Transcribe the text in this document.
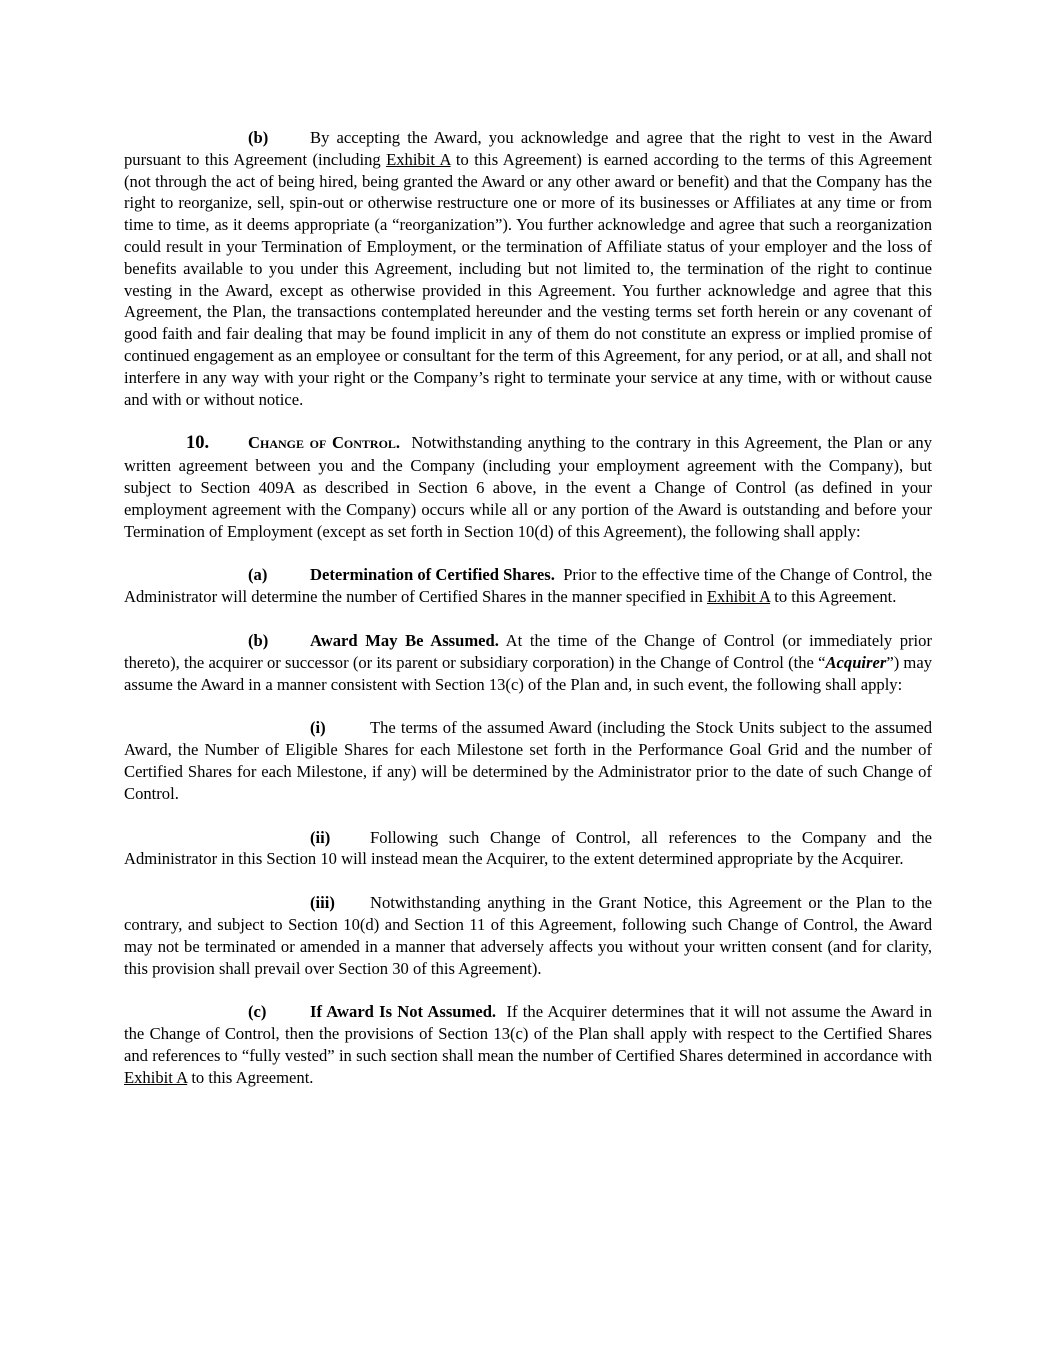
(b)	By accepting the Award, you acknowledge and agree that the right to vest in the Award pursuant to this Agreement (including Exhibit A to this Agreement) is earned according to the terms of this Agreement (not through the act of being hired, being granted the Award or any other award or benefit) and that the Company has the right to reorganize, sell, spin-out or otherwise restructure one or more of its businesses or Affiliates at any time or from time to time, as it deems appropriate (a “reorganization”). You further acknowledge and agree that such a reorganization could result in your Termination of Employment, or the termination of Affiliate status of your employer and the loss of benefits available to you under this Agreement, including but not limited to, the termination of the right to continue vesting in the Award, except as otherwise provided in this Agreement. You further acknowledge and agree that this Agreement, the Plan, the transactions contemplated hereunder and the vesting terms set forth herein or any covenant of good faith and fair dealing that may be found implicit in any of them do not constitute an express or implied promise of continued engagement as an employee or consultant for the term of this Agreement, for any period, or at all, and shall not interfere in any way with your right or the Company’s right to terminate your service at any time, with or without cause and with or without notice.

10. Change of Control. Notwithstanding anything to the contrary in this Agreement, the Plan or any written agreement between you and the Company (including your employment agreement with the Company), but subject to Section 409A as described in Section 6 above, in the event a Change of Control (as defined in your employment agreement with the Company) occurs while all or any portion of the Award is outstanding and before your Termination of Employment (except as set forth in Section 10(d) of this Agreement), the following shall apply:

(a)	Determination of Certified Shares. Prior to the effective time of the Change of Control, the Administrator will determine the number of Certified Shares in the manner specified in Exhibit A to this Agreement.

(b)	Award May Be Assumed. At the time of the Change of Control (or immediately prior thereto), the acquirer or successor (or its parent or subsidiary corporation) in the Change of Control (the “Acquirer”) may assume the Award in a manner consistent with Section 13(c) of the Plan and, in such event, the following shall apply:

(i)	The terms of the assumed Award (including the Stock Units subject to the assumed Award, the Number of Eligible Shares for each Milestone set forth in the Performance Goal Grid and the number of Certified Shares for each Milestone, if any) will be determined by the Administrator prior to the date of such Change of Control.

(ii) Following such Change of Control, all references to the Company and the Administrator in this Section 10 will instead mean the Acquirer, to the extent determined appropriate by the Acquirer.

(iii) Notwithstanding anything in the Grant Notice, this Agreement or the Plan to the contrary, and subject to Section 10(d) and Section 11 of this Agreement, following such Change of Control, the Award may not be terminated or amended in a manner that adversely affects you without your written consent (and for clarity, this provision shall prevail over Section 30 of this Agreement).

(c)	If Award Is Not Assumed. If the Acquirer determines that it will not assume the Award in the Change of Control, then the provisions of Section 13(c) of the Plan shall apply with respect to the Certified Shares and references to “fully vested” in such section shall mean the number of Certified Shares determined in accordance with Exhibit A to this Agreement.
